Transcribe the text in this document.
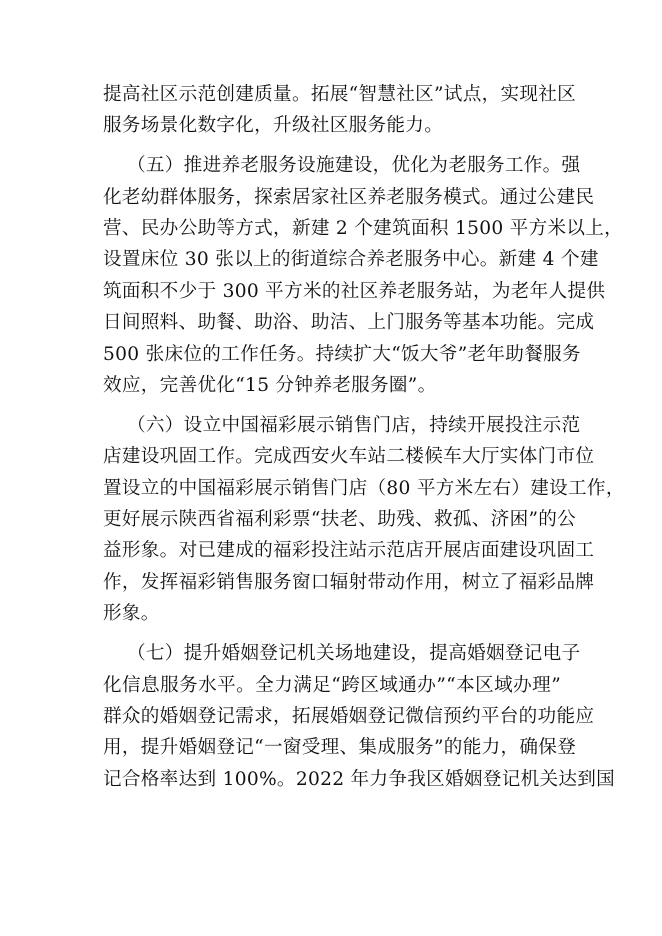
提高社区示范创建质量。拓展“智慧社区”试点，实现社区
服务场景化数字化，升级社区服务能力。
（五）推进养老服务设施建设，优化为老服务工作。强
化老幼群体服务，探索居家社区养老服务模式。通过公建民
营、民办公助等方式，新建 2 个建筑面积 1500 平方米以上，
设置床位 30 张以上的街道综合养老服务中心。新建 4 个建
筑面积不少于 300 平方米的社区养老服务站，为老年人提供
日间照料、助餐、助浴、助洁、上门服务等基本功能。完成
500 张床位的工作任务。持续扩大“饭大爷”老年助餐服务
效应，完善优化“15 分钟养老服务圈”。
（六）设立中国福彩展示销售门店，持续开展投注示范
店建设巩固工作。完成西安火车站二楼候车大厅实体门市位
置设立的中国福彩展示销售门店（80 平方米左右）建设工作，
更好展示陕西省福利彩票“扶老、助残、救孤、济困”的公
益形象。对已建成的福彩投注站示范店开展店面建设巩固工
作，发挥福彩销售服务窗口辐射带动作用，树立了福彩品牌
形象。
（七）提升婚姻登记机关场地建设，提高婚姻登记电子
化信息服务水平。全力满足“跨区域通办”“本区域办理”
群众的婚姻登记需求，拓展婚姻登记微信预约平台的功能应
用，提升婚姻登记“一窗受理、集成服务”的能力，确保登
记合格率达到 100%。2022 年力争我区婚姻登记机关达到国
